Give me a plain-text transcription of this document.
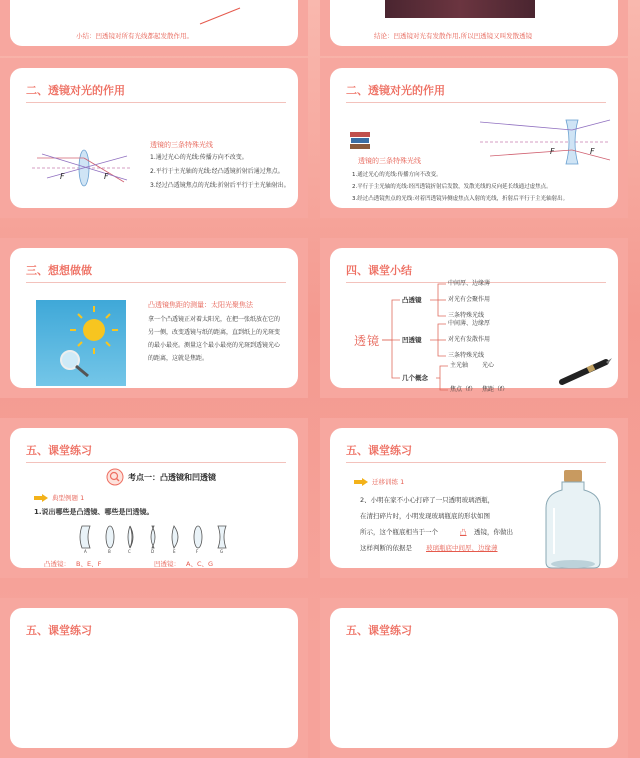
小结：凹透镜对所有光线都起发散作用。	结论：凹透镜对光有发散作用,所以凹透镜又叫发散透镜
二、透镜对光的作用
F	F
透镜的三条特殊光线
1.通过光心的光线:传播方向不改变。
2.平行于主光轴的光线:经凸透镜折射后通过焦点。
3.经过凸透镜焦点的光线:折射后平行于主光轴射出。
二、透镜对光的作用
F	F
透镜的三条特殊光线
1.通过光心的光线:传播方向不改变。
2.平行于主光轴的光线:经凹透镜折射后发散，发散光线的反向延长线通过虚焦点。
3.经过凸透镜焦点的光线:对着凹透镜异侧虚焦点入射的光线，折射后平行于主光轴射出。
三、想想做做
凸透镜焦距的测量：太阳光聚焦法
拿一个凸透镜正对着太阳光，在把一张纸放在它的
另一侧，改变透镜与纸的距离，直到纸上的光斑变
的最小最亮。测量这个最小最亮的光斑到透镜光心
的距离，这就是焦距。
四、课堂小结
透镜
凸透镜
中间厚、边缘薄
对光有会聚作用
三条特殊光线
凹透镜
中间薄、边缘厚
对光有发散作用
三条特殊光线
几个概念
主光轴 光心
焦点（f） 焦距（f）
五、课堂练习
考点一：凸透镜和凹透镜
典型例题 1
1.说出哪些是凸透镜、哪些是凹透镜。
A	B	C	D	E	F	G
凸透镜： B、E、F	凹透镜： A、C、G
五、课堂练习
迁移训练 1
2、小明在家不小心打碎了一只透明玻璃酒瓶，
在清扫碎片时，小明发现玻璃瓶底的形状如图
所示，这个瓶底相当于一个	凸 透镜，你做出
这样判断的依据是 玻璃瓶底中间厚、边缘薄
五、课堂练习	五、课堂练习
